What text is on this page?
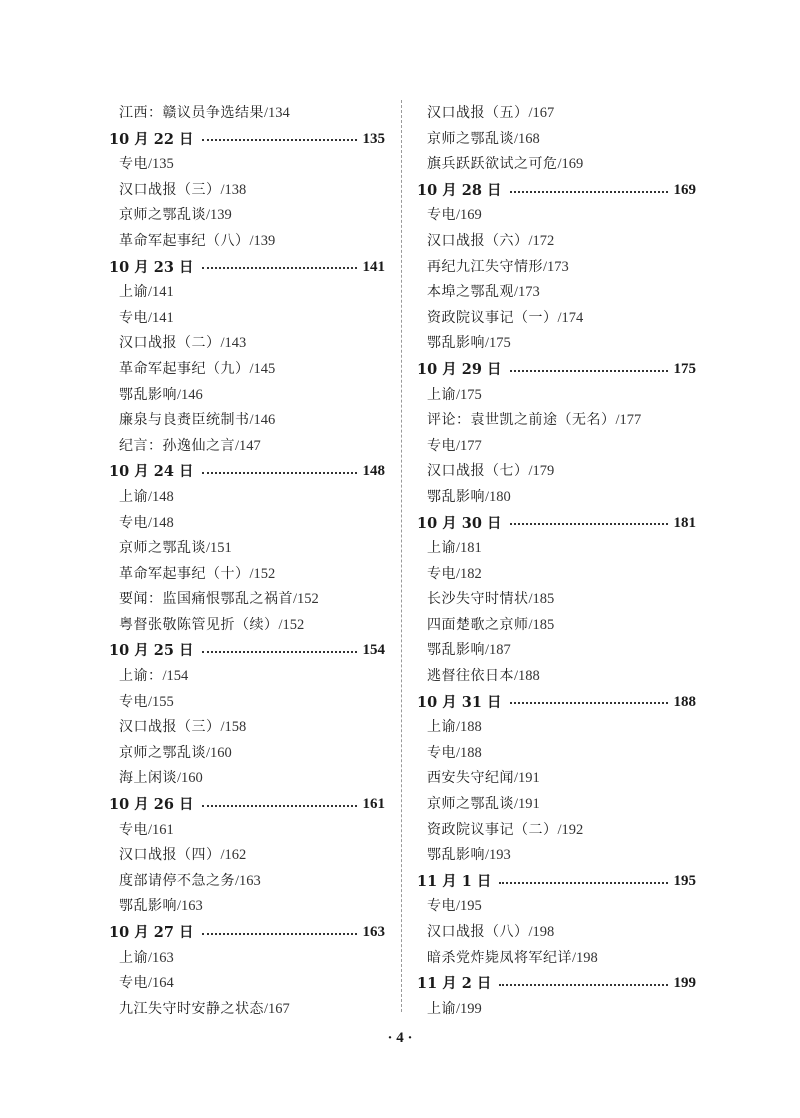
江西：赣议员争选结果 / 134
10 月 22 日	135
专电 / 135
汉口战报（三） / 138
京师之鄂乱谈 / 139
革命军起事纪（八） / 139
10 月 23 日	141
上谕 / 141
专电 / 141
汉口战报（二） / 143
革命军起事纪（九） / 145
鄂乱影响 / 146
廉泉与良赉臣统制书 / 146
纪言：孙逸仙之言 / 147
10 月 24 日	148
上谕 / 148
专电 / 148
京师之鄂乱谈 / 151
革命军起事纪（十） / 152
要闻：监国痛恨鄂乱之祸首 / 152
粤督张敬陈管见折（续） / 152
10 月 25 日	154
上谕： / 154
专电 / 155
汉口战报（三） / 158
京师之鄂乱谈 / 160
海上闲谈 / 160
10 月 26 日	161
专电 / 161
汉口战报（四） / 162
度部请停不急之务 / 163
鄂乱影响 / 163
10 月 27 日	163
上谕 / 163
专电 / 164
九江失守时安静之状态 / 167
汉口战报（五） / 167
京师之鄂乱谈 / 168
旗兵跃跃欲试之可危 / 169
10 月 28 日	169
专电 / 169
汉口战报（六） / 172
再纪九江失守情形 / 173
本埠之鄂乱观 / 173
资政院议事记（一） / 174
鄂乱影响 / 175
10 月 29 日	175
上谕 / 175
评论：袁世凯之前途（无名） / 177
专电 / 177
汉口战报（七） / 179
鄂乱影响 / 180
10 月 30 日	181
上谕 / 181
专电 / 182
长沙失守时情状 / 185
四面楚歌之京师 / 185
鄂乱影响 / 187
逃督往依日本 / 188
10 月 31 日	188
上谕 / 188
专电 / 188
西安失守纪闻 / 191
京师之鄂乱谈 / 191
资政院议事记（二） / 192
鄂乱影响 / 193
11 月 1 日	195
专电 / 195
汉口战报（八） / 198
暗杀党炸毙凤将军纪详 / 198
11 月 2 日	199
上谕 / 199
· 4 ·
